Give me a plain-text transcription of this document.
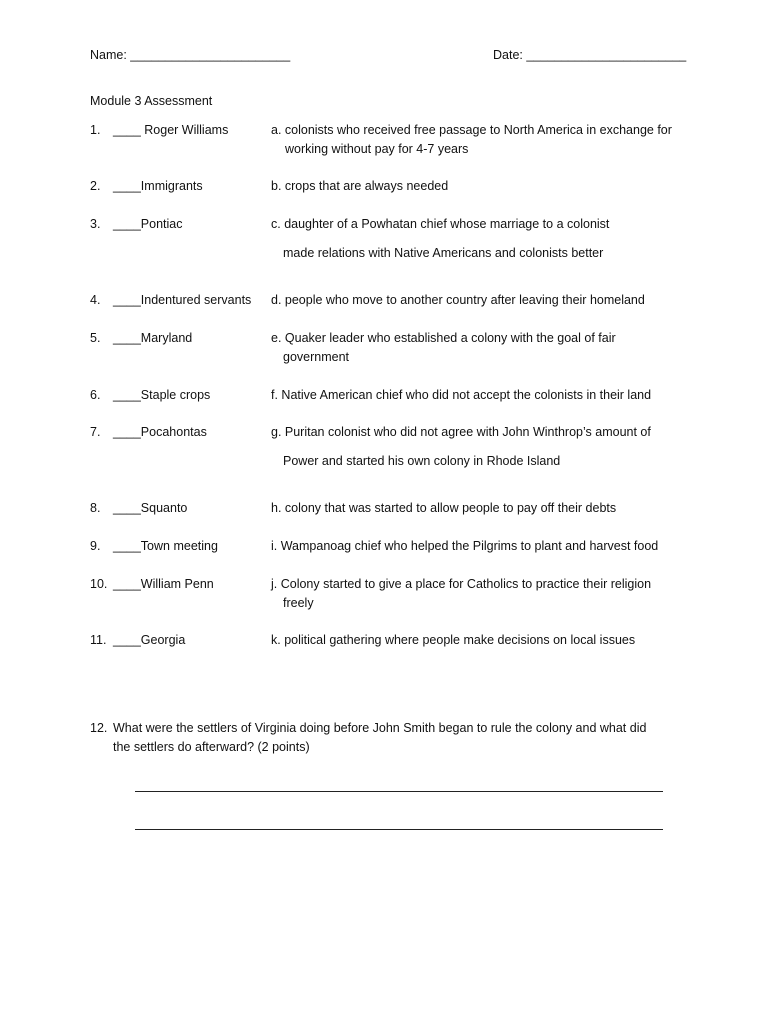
Name: _______________________	Date: _______________________
Module 3 Assessment
1. ____ Roger Williams	a. colonists who received free passage to North America in exchange for
working without pay for 4-7 years
2. ____Immigrants	b. crops that are always needed
3. ____Pontiac	c. daughter of a Powhatan chief whose marriage to a colonist
made relations with Native Americans and colonists better
4. ____Indentured servants d. people who move to another country after leaving their homeland
5. ____Maryland	e. Quaker leader who established a colony with the goal of fair
government
6. ____Staple crops	f. Native American chief who did not accept the colonists in their land
7. ____Pocahontas	g. Puritan colonist who did not agree with John Winthrop’s amount of
Power and started his own colony in Rhode Island
8. ____Squanto	h. colony that was started to allow people to pay off their debts
9. ____Town meeting	i. Wampanoag chief who helped the Pilgrims to plant and harvest food
10. ____William Penn	j. Colony started to give a place for Catholics to practice their religion
freely
11. ____Georgia	k. political gathering where people make decisions on local issues
12. What were the settlers of Virginia doing before John Smith began to rule the colony and what did
the settlers do afterward? (2 points)
